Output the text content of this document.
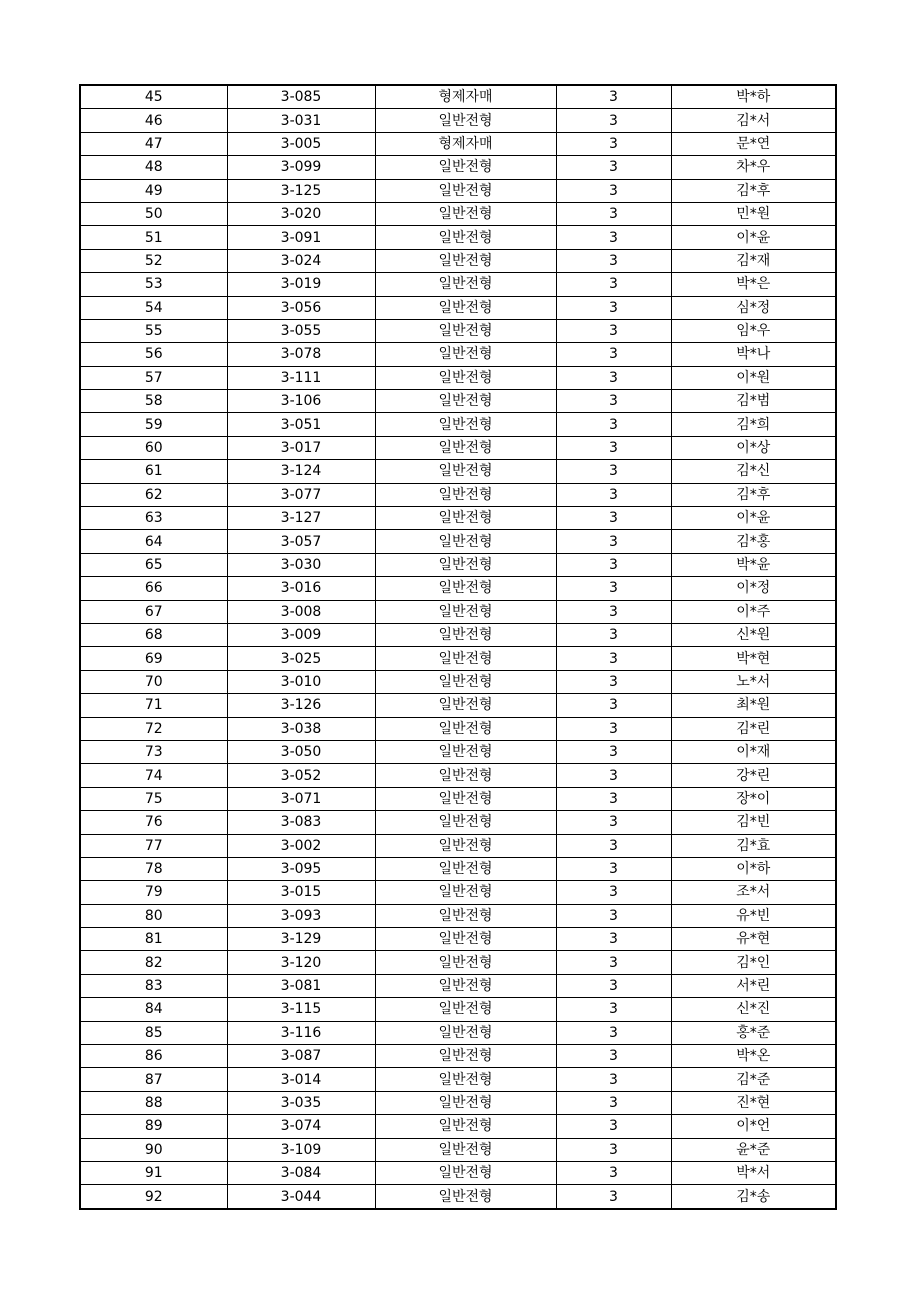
45	3-085	형제자매	3	박*하
46	3-031	일반전형	3	김*서
47	3-005	형제자매	3	문*연
48	3-099	일반전형	3	차*우
49	3-125	일반전형	3	김*후
50	3-020	일반전형	3	민*원
51	3-091	일반전형	3	이*윤
52	3-024	일반전형	3	김*재
53	3-019	일반전형	3	박*은
54	3-056	일반전형	3	심*정
55	3-055	일반전형	3	임*우
56	3-078	일반전형	3	박*나
57	3-111	일반전형	3	이*원
58	3-106	일반전형	3	김*범
59	3-051	일반전형	3	김*희
60	3-017	일반전형	3	이*상
61	3-124	일반전형	3	김*신
62	3-077	일반전형	3	김*후
63	3-127	일반전형	3	이*윤
64	3-057	일반전형	3	김*홍
65	3-030	일반전형	3	박*윤
66	3-016	일반전형	3	이*정
67	3-008	일반전형	3	이*주
68	3-009	일반전형	3	신*원
69	3-025	일반전형	3	박*현
70	3-010	일반전형	3	노*서
71	3-126	일반전형	3	최*원
72	3-038	일반전형	3	김*린
73	3-050	일반전형	3	이*재
74	3-052	일반전형	3	강*린
75	3-071	일반전형	3	장*이
76	3-083	일반전형	3	김*빈
77	3-002	일반전형	3	김*효
78	3-095	일반전형	3	이*하
79	3-015	일반전형	3	조*서
80	3-093	일반전형	3	유*빈
81	3-129	일반전형	3	유*현
82	3-120	일반전형	3	김*인
83	3-081	일반전형	3	서*린
84	3-115	일반전형	3	신*진
85	3-116	일반전형	3	홍*준
86	3-087	일반전형	3	박*온
87	3-014	일반전형	3	김*준
88	3-035	일반전형	3	진*현
89	3-074	일반전형	3	이*언
90	3-109	일반전형	3	윤*준
91	3-084	일반전형	3	박*서
92	3-044	일반전형	3	김*송
